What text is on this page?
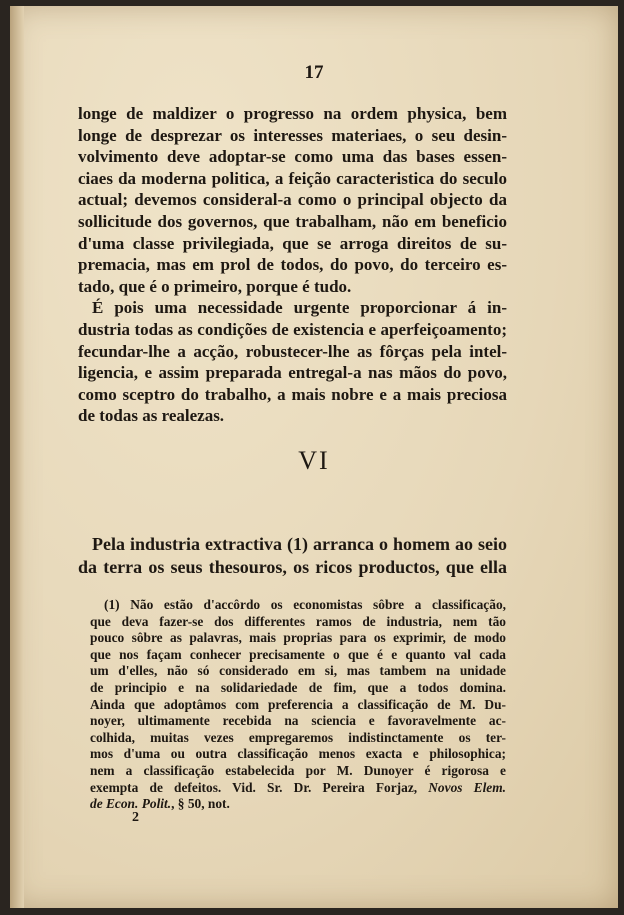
17
longe de maldizer o progresso na ordem physica, bem
longe de desprezar os interesses materiaes, o seu desin-
volvimento deve adoptar-se como uma das bases essen-
ciaes da moderna politica, a feição caracteristica do seculo
actual; devemos consideral-a como o principal objecto da
sollicitude dos governos, que trabalham, não em beneficio
d'uma classe privilegiada, que se arroga direitos de su-
premacia, mas em prol de todos, do povo, do terceiro es-
tado, que é o primeiro, porque é tudo.
É pois uma necessidade urgente proporcionar á in-
dustria todas as condições de existencia e aperfeiçoamento;
fecundar-lhe a acção, robustecer-lhe as fôrças pela intel-
ligencia, e assim preparada entregal-a nas mãos do povo,
como sceptro do trabalho, a mais nobre e a mais preciosa
de todas as realezas.
VI
Pela industria extractiva (1) arranca o homem ao seio
da terra os seus thesouros, os ricos productos, que ella
(1) Não estão d'accôrdo os economistas sôbre a classificação,
que deva fazer-se dos differentes ramos de industria, nem tão
pouco sôbre as palavras, mais proprias para os exprimir, de modo
que nos façam conhecer precisamente o que é e quanto val cada
um d'elles, não só considerado em si, mas tambem na unidade
de principio e na solidariedade de fim, que a todos domina.
Ainda que adoptâmos com preferencia a classificação de M. Du-
noyer, ultimamente recebida na sciencia e favoravelmente ac-
colhida, muitas vezes empregaremos indistinctamente os ter-
mos d'uma ou outra classificação menos exacta e philosophica;
nem a classificação estabelecida por M. Dunoyer é rigorosa e
exempta de defeitos. Vid. Sr. Dr. Pereira Forjaz, Novos Elem.
de Econ. Polit., § 50, not.
2
